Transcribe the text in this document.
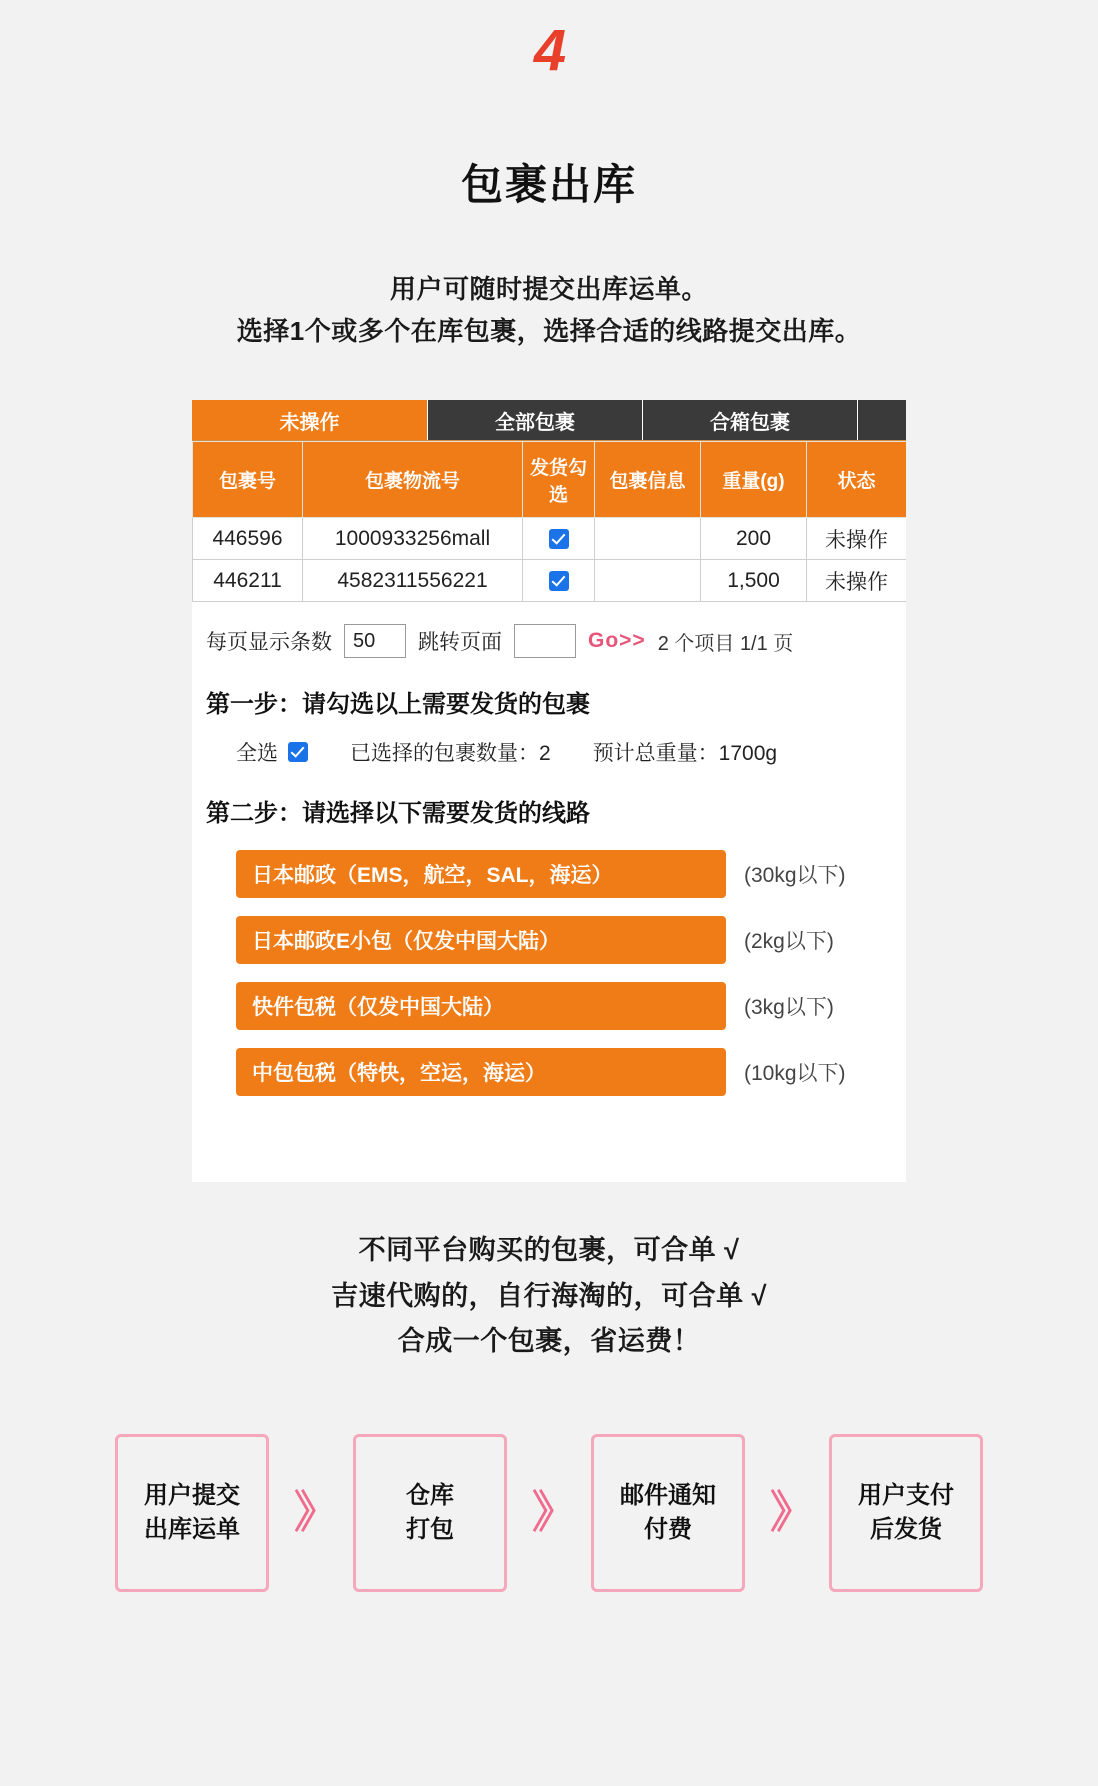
4
包裹出库
用户可随时提交出库运单。
选择1个或多个在库包裹，选择合适的线路提交出库。
未操作	全部包裹	合箱包裹
包裹号	包裹物流号	发货勾选	包裹信息	重量(g)	状态
446596	1000933256mall			200	未操作
446211	4582311556221			1,500	未操作
每页显示条数	50	跳转页面	Go>> 2 个项目 1/1 页
第一步：请勾选以上需要发货的包裹
全选	已选择的包裹数量：2 预计总重量：1700g
第二步：请选择以下需要发货的线路
日本邮政（EMS，航空，SAL，海运）	(30kg以下)
日本邮政E小包（仅发中国大陆）	(2kg以下)
快件包税（仅发中国大陆）	(3kg以下)
中包包税（特快，空运，海运）	(10kg以下)
不同平台购买的包裹，可合单 √
吉速代购的，自行海淘的，可合单 √
合成一个包裹，省运费！
用户提交
出库运单	》	仓库
打包	》	邮件通知
付费	》	用户支付
后发货
